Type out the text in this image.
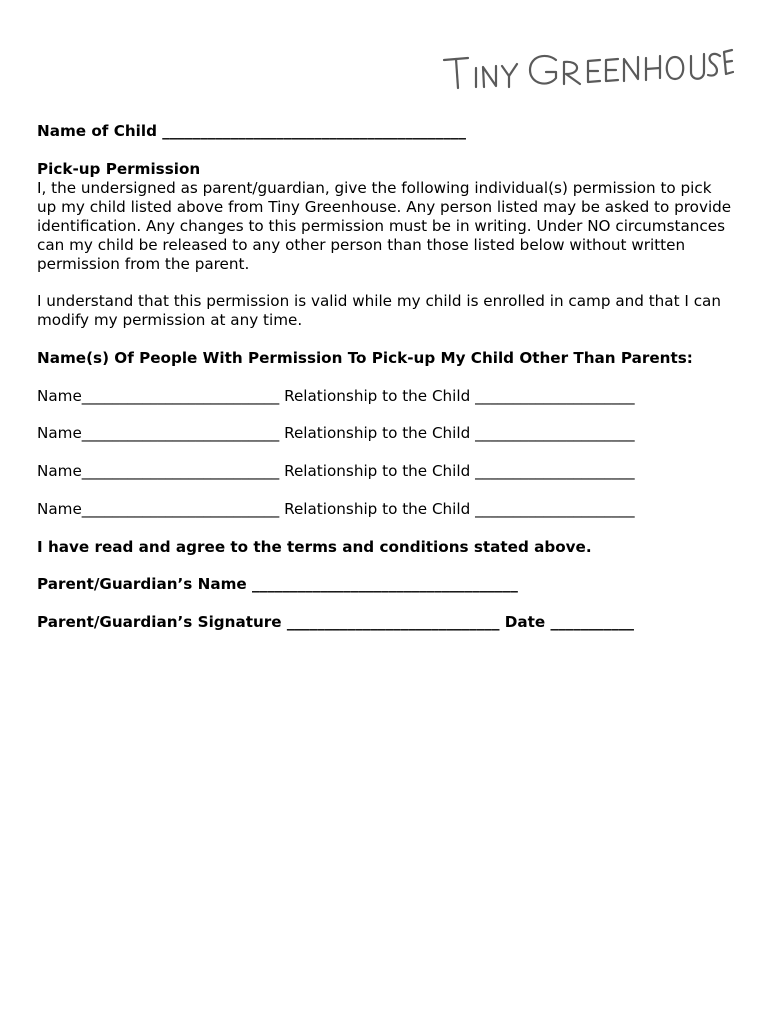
Name of Child ________________________________________
Pick-up Permission
I, the undersigned as parent/guardian, give the following individual(s) permission to pick
up my child listed above from Tiny Greenhouse. Any person listed may be asked to provide
identification. Any changes to this permission must be in writing. Under NO circumstances
can my child be released to any other person than those listed below without written
permission from the parent.
I understand that this permission is valid while my child is enrolled in camp and that I can
modify my permission at any time.
Name(s) Of People With Permission To Pick-up My Child Other Than Parents:
Name__________________________ Relationship to the Child _____________________
Name__________________________ Relationship to the Child _____________________
Name__________________________ Relationship to the Child _____________________
Name__________________________ Relationship to the Child _____________________
I have read and agree to the terms and conditions stated above.
Parent/Guardian’s Name ___________________________________
Parent/Guardian’s Signature ____________________________ Date ___________
